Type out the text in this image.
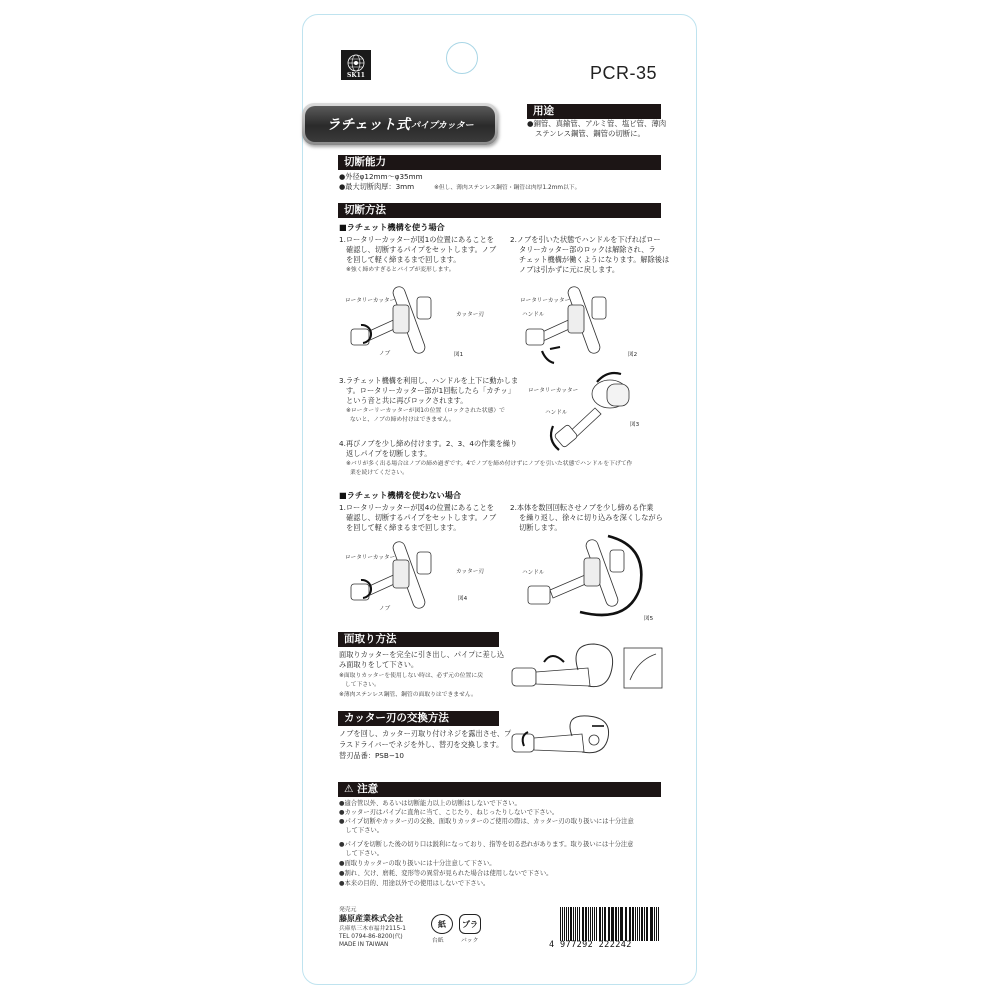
SK11	PCR-35
ラチェット式 パイプカッター
用途
●銅管、真鍮管、アルミ管、塩ビ管、薄肉
ステンレス鋼管、鋼管の切断に。
切断能力
●外径φ12mm〜φ35mm
●最大切断肉厚：3mm	※但し、薄肉ステンレス鋼管・鋼管は肉厚1.2mm以下。
切断方法
■ラチェット機構を使う場合
1.ロータリーカッターが図1の位置にあることを
確認し、切断するパイプをセットします。ノブ
を回して軽く締まるまで回します。
※強く締めすぎるとパイプが変形します。
2.ノブを引いた状態でハンドルを下げればロー
タリーカッター部のロックは解除され、ラ
チェット機構が働くようになります。解除後は
ノブは引かずに元に戻します。
ロータリーカッター
カッター刃
ノブ	図1
ロータリーカッター
ハンドル
図2
3.ラチェット機構を利用し、ハンドルを上下に動かしま
す。ロータリーカッター部が1回転したら「カチッ」
という音と共に再びロックされます。
※ローターリーカッターが図1の位置（ロックされた状態）で
ないと、ノブの締め付けはできません。
ロータリーカッター
ハンドル
図3
4.再びノブを少し締め付けます。2、3、4の作業を繰り
返しパイプを切断します。
※バリが多く出る場合はノブの締め過ぎです。4でノブを締め付けずにノブを引いた状態でハンドルを下げて作
業を続けてください。
■ラチェット機構を使わない場合
1.ロータリーカッターが図4の位置にあることを
確認し、切断するパイプをセットします。ノブ
を回して軽く締まるまで回します。
2.本体を数回回転させノブを少し締める作業
を繰り返し、徐々に切り込みを深くしながら
切断します。
ロータリーカッター
カッター刃
ノブ
図4
ハンドル
図5
面取り方法
面取りカッターを完全に引き出し、パイプに差し込
み面取りをして下さい。
※面取りカッターを使用しない時は、必ず元の位置に戻
して下さい。
※薄肉ステンレス鋼管、鋼管の面取りはできません。
カッター刃の交換方法
ノブを回し、カッター刃取り付けネジを露出させ、プ
ラスドライバーでネジを外し、替刃を交換します。
替刃品番：PSB−10
⚠ 注意
●適合管以外、あるいは切断能力以上の切断はしないで下さい。
●カッター刃はパイプに直角に当て、こじたり、ねじったりしないで下さい。
●パイプ切断やカッター刃の交換、面取りカッターのご使用の際は、カッター刃の取り扱いには十分注意
　して下さい。
●パイプを切断した後の切り口は鋭利になっており、指等を切る恐れがあります。取り扱いには十分注意
　して下さい。
●面取りカッターの取り扱いには十分注意して下さい。
●割れ、欠け、磨耗、変形等の異常が見られた場合は使用しないで下さい。
●本来の目的、用途以外での使用はしないで下さい。
発売元
藤原産業株式会社
兵庫県三木市福井2115-1
TEL 0794-86-8200(代)
MADE IN TAIWAN
紙
台紙
プラ
パック	4 977292 222242
